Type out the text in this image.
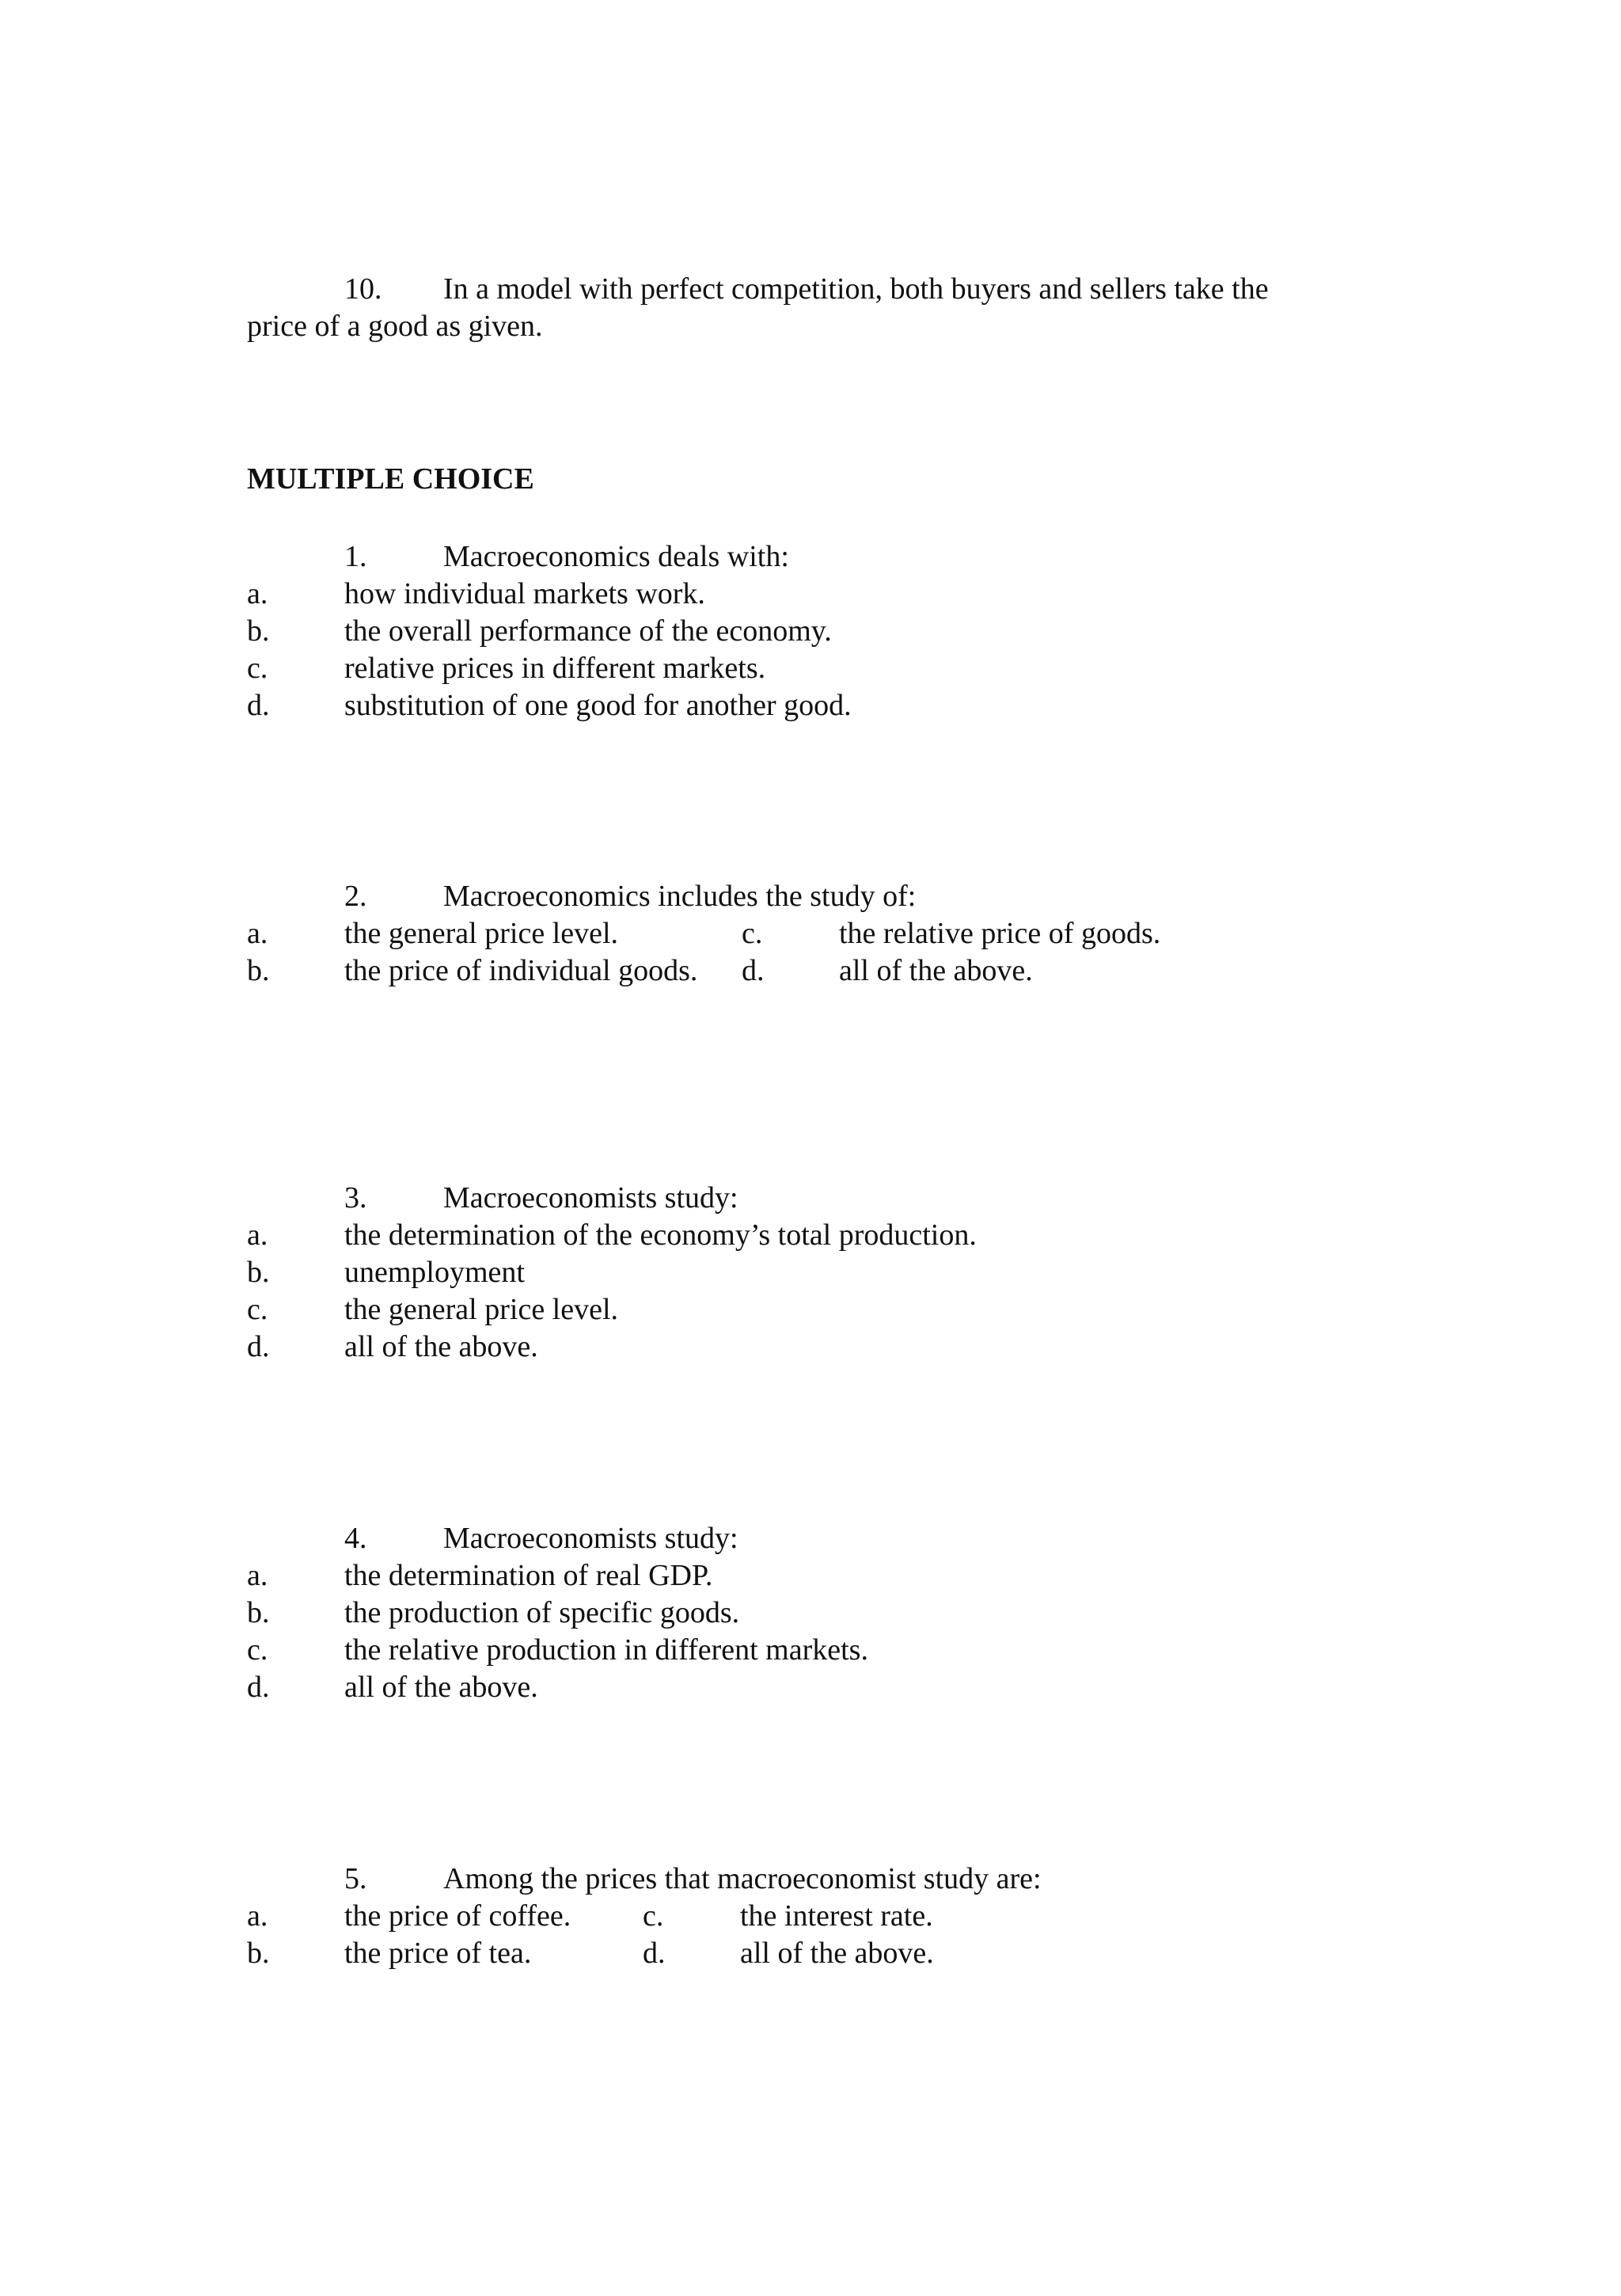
10. In a model with perfect competition, both buyers and sellers take the
price of a good as given.
MULTIPLE CHOICE
1.	Macroeconomics deals with:
a.	how individual markets work.
b. the overall performance of the economy.
c.	relative prices in different markets.
d. substitution of one good for another good.
2.	Macroeconomics includes the study of:
a.	the general price level.	c.	the relative price of goods.
b. the price of individual goods. d. all of the above.
3.	Macroeconomists study:
a.	the determination of the economy’s total production.
b. unemployment
c.	the general price level.
d. all of the above.
4.	Macroeconomists study:
a.	the determination of real GDP.
b. the production of specific goods.
c.	the relative production in different markets.
d. all of the above.
5.	Among the prices that macroeconomist study are:
a.	the price of coffee. c.	the interest rate.
b. the price of tea.	d. all of the above.
